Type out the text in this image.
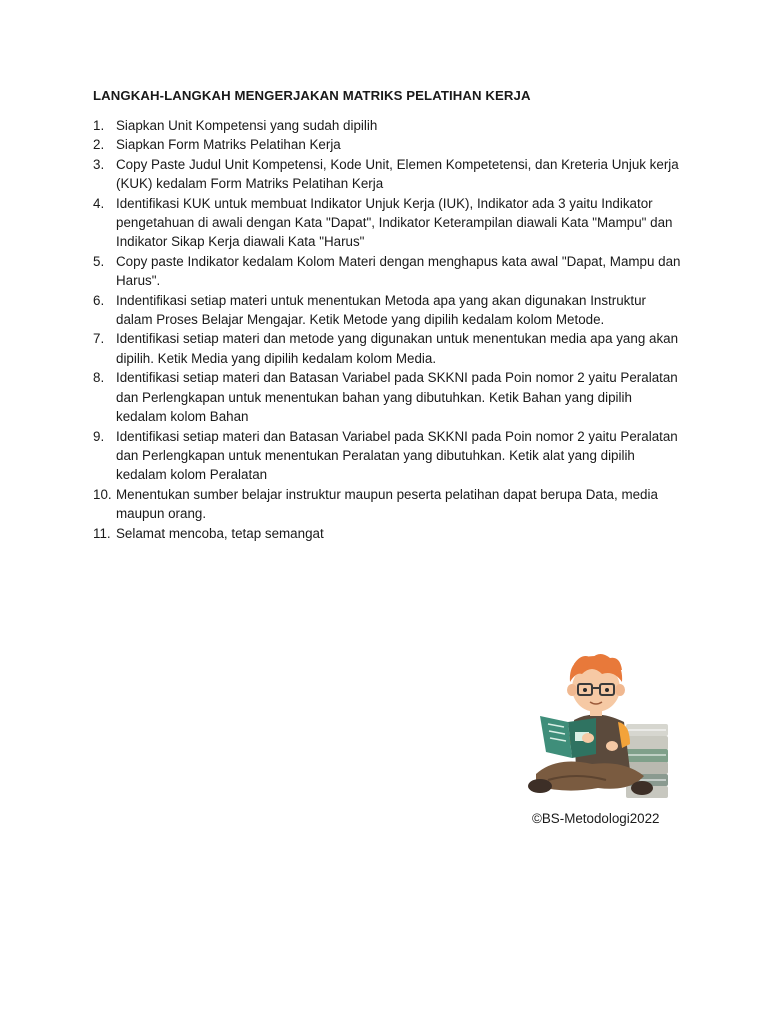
LANGKAH-LANGKAH MENGERJAKAN MATRIKS PELATIHAN KERJA
1. Siapkan Unit Kompetensi yang sudah dipilih
2. Siapkan Form Matriks Pelatihan Kerja
3. Copy Paste Judul Unit Kompetensi, Kode Unit, Elemen Kompetetensi, dan Kreteria Unjuk kerja (KUK) kedalam Form Matriks Pelatihan Kerja
4. Identifikasi KUK untuk membuat Indikator Unjuk Kerja (IUK), Indikator ada 3 yaitu Indikator pengetahuan di awali dengan Kata "Dapat", Indikator Keterampilan diawali Kata "Mampu" dan Indikator Sikap Kerja diawali Kata "Harus"
5. Copy paste Indikator kedalam Kolom Materi dengan menghapus kata awal "Dapat, Mampu dan Harus".
6. Indentifikasi setiap materi untuk menentukan Metoda apa yang akan digunakan Instruktur dalam Proses Belajar Mengajar. Ketik Metode yang dipilih kedalam kolom Metode.
7. Identifikasi setiap materi dan metode yang digunakan untuk menentukan media apa yang akan dipilih. Ketik Media yang dipilih kedalam kolom Media.
8. Identifikasi setiap materi dan Batasan Variabel pada SKKNI pada Poin nomor 2 yaitu Peralatan dan Perlengkapan untuk menentukan bahan yang dibutuhkan. Ketik Bahan yang dipilih kedalam kolom Bahan
9. Identifikasi setiap materi dan Batasan Variabel pada SKKNI pada Poin nomor 2 yaitu Peralatan dan Perlengkapan untuk menentukan Peralatan yang dibutuhkan. Ketik alat yang dipilih kedalam kolom Peralatan
10. Menentukan sumber belajar instruktur maupun peserta pelatihan dapat berupa Data, media maupun orang.
11. Selamat mencoba, tetap semangat

©BS-Metodologi2022
